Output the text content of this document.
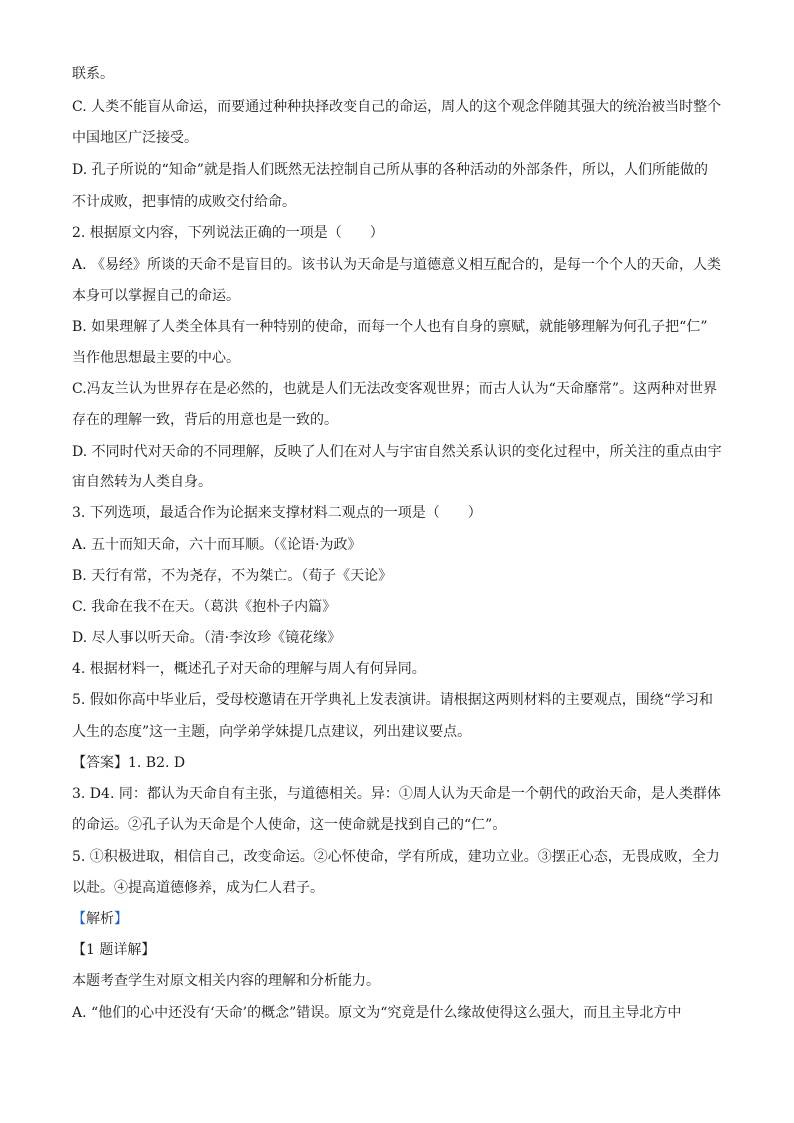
联系。

C. 人类不能盲从命运，而要通过种种抉择改变自己的命运，周人的这个观念伴随其强大的统治被当时整个

中国地区广泛接受。

D. 孔子所说的“知命”就是指人们既然无法控制自己所从事的各种活动的外部条件，所以，人们所能做的

不计成败，把事情的成败交付给命。

2. 根据原文内容，下列说法正确的一项是（　　）

A. 《易经》所谈的天命不是盲目的。该书认为天命是与道德意义相互配合的，是每一个个人的天命，人类

本身可以掌握自己的命运。

B. 如果理解了人类全体具有一种特别的使命，而每一个人也有自身的禀赋，就能够理解为何孔子把“仁”

当作他思想最主要的中心。

C.冯友兰认为世界存在是必然的，也就是人们无法改变客观世界；而古人认为“天命靡常”。这两种对世界

存在的理解一致，背后的用意也是一致的。

D. 不同时代对天命的不同理解，反映了人们在对人与宇宙自然关系认识的变化过程中，所关注的重点由宇

宙自然转为人类自身。

3. 下列选项，最适合作为论据来支撑材料二观点的一项是（　　）

A. 五十而知天命，六十而耳顺。（《论语·为政》

B. 天行有常，不为尧存，不为桀亡。（荀子《天论》

C. 我命在我不在天。（葛洪《抱朴子内篇》

D. 尽人事以听天命。（清·李汝珍《镜花缘》

4. 根据材料一，概述孔子对天命的理解与周人有何异同。

5. 假如你高中毕业后，受母校邀请在开学典礼上发表演讲。请根据这两则材料的主要观点，围绕“学习和

人生的态度”这一主题，向学弟学妹提几点建议，列出建议要点。

【答案】1. B2. D

3. D4. 同：都认为天命自有主张，与道德相关。异：①周人认为天命是一个朝代的政治天命，是人类群体

的命运。②孔子认为天命是个人使命，这一使命就是找到自己的“仁”。

5. ①积极进取，相信自己，改变命运。②心怀使命，学有所成，建功立业。③摆正心态，无畏成败，全力

以赴。④提高道德修养，成为仁人君子。

【解析】

【1 题详解】

本题考查学生对原文相关内容的理解和分析能力。

A. “他们的心中还没有‘天命’的概念”错误。原文为“究竟是什么缘故使得这么强大，而且主导北方中
